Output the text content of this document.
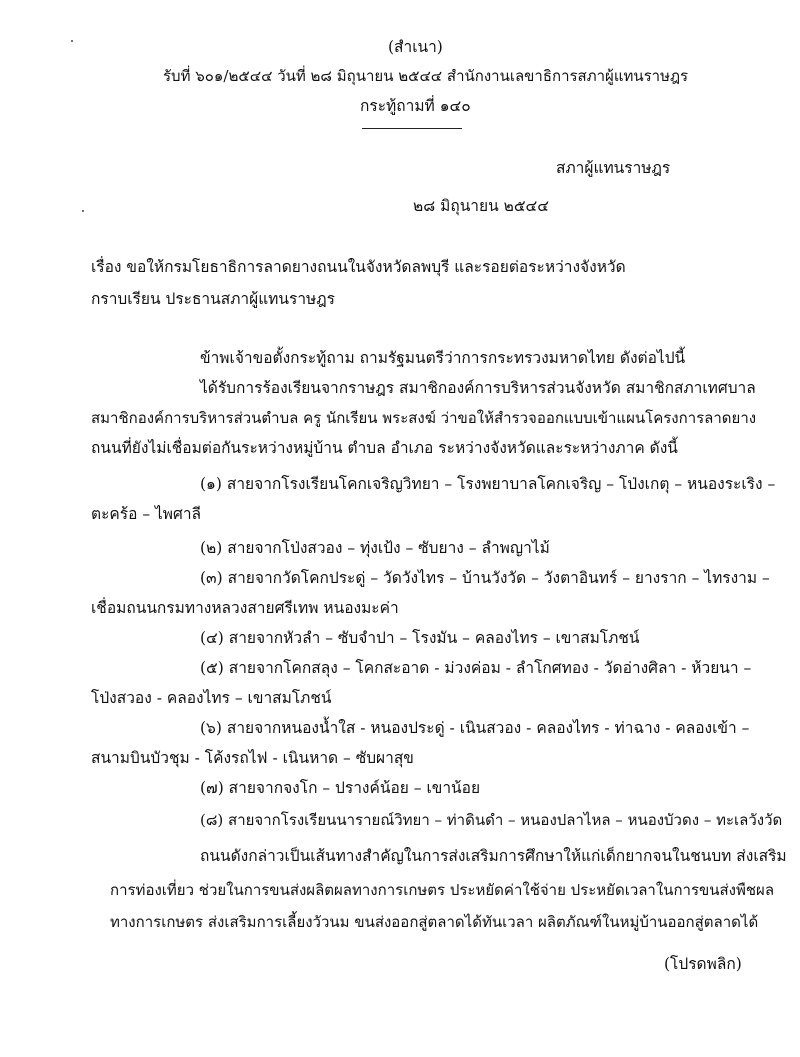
(สำเนา)
รับที่ ๖๐๑/๒๕๔๔ วันที่ ๒๘ มิถุนายน ๒๕๔๔ สำนักงานเลขาธิการสภาผู้แทนราษฎร
กระทู้ถามที่ ๑๔๐
สภาผู้แทนราษฎร
๒๘ มิถุนายน ๒๕๔๔
เรื่อง ขอให้กรมโยธาธิการลาดยางถนนในจังหวัดลพบุรี และรอยต่อระหว่างจังหวัด
กราบเรียน ประธานสภาผู้แทนราษฎร
ข้าพเจ้าขอตั้งกระทู้ถาม ถามรัฐมนตรีว่าการกระทรวงมหาดไทย ดังต่อไปนี้
ได้รับการร้องเรียนจากราษฎร สมาชิกองค์การบริหารส่วนจังหวัด สมาชิกสภาเทศบาล
สมาชิกองค์การบริหารส่วนตำบล ครู นักเรียน พระสงฆ์ ว่าขอให้สำรวจออกแบบเข้าแผนโครงการลาดยาง
ถนนที่ยังไม่เชื่อมต่อกันระหว่างหมู่บ้าน ตำบล อำเภอ ระหว่างจังหวัดและระหว่างภาค ดังนี้
(๑) สายจากโรงเรียนโคกเจริญวิทยา – โรงพยาบาลโคกเจริญ – โป่งเกตุ – หนองระเริง –
ตะคร้อ – ไพศาลี
(๒) สายจากโป่งสวอง – ทุ่งเป้ง – ซับยาง – ลำพญาไม้
(๓) สายจากวัดโคกประดู่ – วัดวังไทร – บ้านวังวัด – วังตาอินทร์ – ยางราก – ไทรงาม –
เชื่อมถนนกรมทางหลวงสายศรีเทพ หนองมะค่า
(๔) สายจากหัวลำ – ซับจำปา – โรงมัน – คลองไทร – เขาสมโภชน์
(๕) สายจากโคกสลุง – โคกสะอาด - ม่วงค่อม - ลำโกศทอง - วัดอ่างศิลา - ห้วยนา –
โป่งสวอง - คลองไทร – เขาสมโภชน์
(๖) สายจากหนองน้ำใส - หนองประดู่ - เนินสวอง - คลองไทร - ท่าฉาง - คลองเข้า –
สนามบินบัวชุม - โค้งรถไฟ - เนินหาด – ซับผาสุข
(๗) สายจากจงโก – ปรางค์น้อย – เขาน้อย
(๘) สายจากโรงเรียนนารายณ์วิทยา – ท่าดินดำ – หนองปลาไหล – หนองบัวดง – ทะเลวังวัด
ถนนดังกล่าวเป็นเส้นทางสำคัญในการส่งเสริมการศึกษาให้แก่เด็กยากจนในชนบท ส่งเสริม
การท่องเที่ยว ช่วยในการขนส่งผลิตผลทางการเกษตร ประหยัดค่าใช้จ่าย ประหยัดเวลาในการขนส่งพืชผล
ทางการเกษตร ส่งเสริมการเลี้ยงวัวนม ขนส่งออกสู่ตลาดได้ทันเวลา ผลิตภัณฑ์ในหมู่บ้านออกสู่ตลาดได้
(โปรดพลิก)
